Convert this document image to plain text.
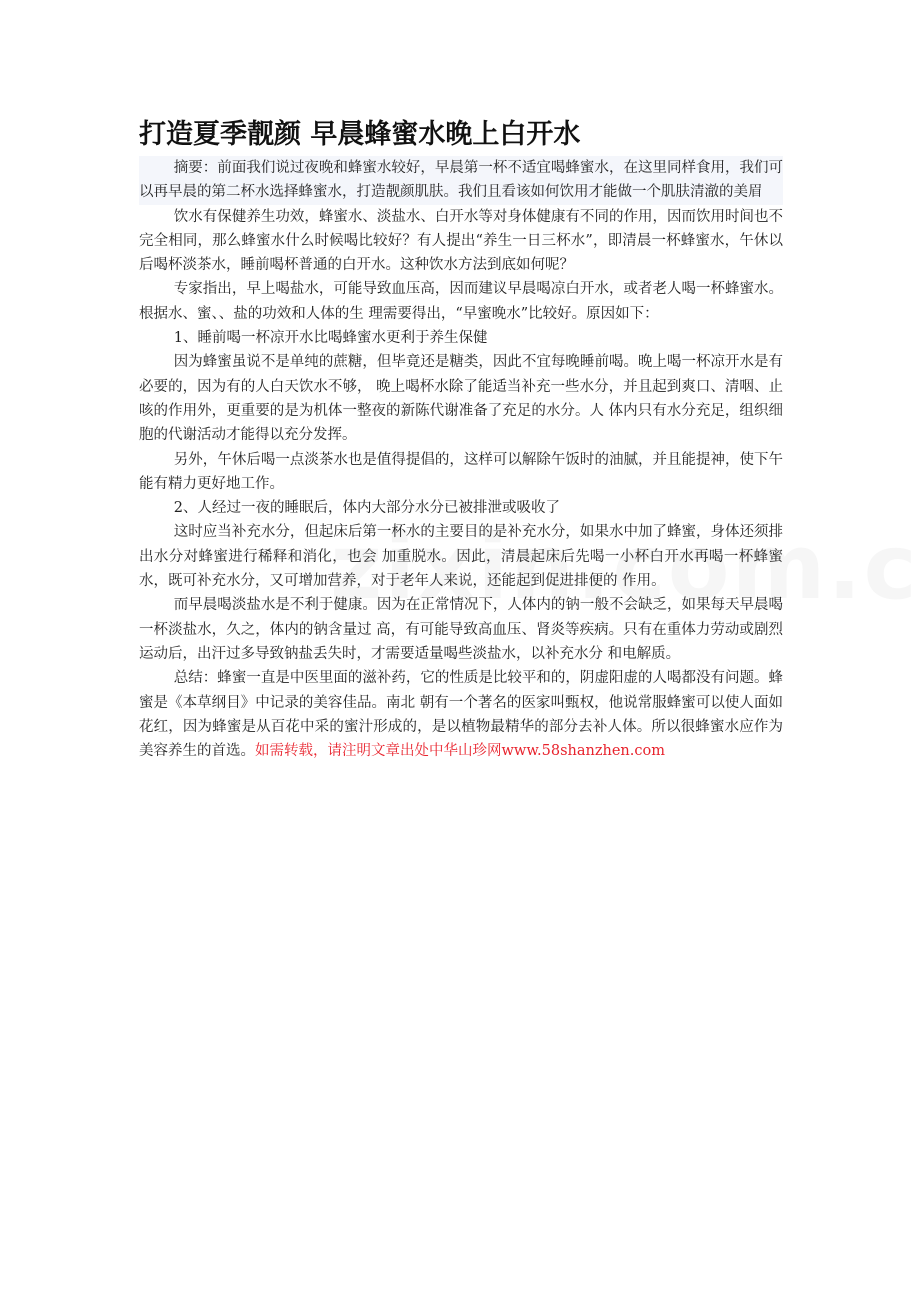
打造夏季靓颜 早晨蜂蜜水晚上白开水

摘要：前面我们说过夜晚和蜂蜜水较好，早晨第一杯不适宜喝蜂蜜水，在这里同样食用，我们可以再早晨的第二杯水选择蜂蜜水，打造靓颜肌肤。我们且看该如何饮用才能做一个肌肤清澈的美眉

饮水有保健养生功效，蜂蜜水、淡盐水、白开水等对身体健康有不同的作用，因而饮用时间也不完全相同，那么蜂蜜水什么时候喝比较好？有人提出“养生一日三杯水”，即清晨一杯蜂蜜水，午休以后喝杯淡茶水，睡前喝杯普通的白开水。这种饮水方法到底如何呢？

专家指出，早上喝盐水，可能导致血压高，因而建议早晨喝凉白开水，或者老人喝一杯蜂蜜水。根据水、蜜、、盐的功效和人体的生 理需要得出，“早蜜晚水”比较好。原因如下：

1、睡前喝一杯凉开水比喝蜂蜜水更利于养生保健

因为蜂蜜虽说不是单纯的蔗糖，但毕竟还是糖类，因此不宜每晚睡前喝。晚上喝一杯凉开水是有必要的，因为有的人白天饮水不够， 晚上喝杯水除了能适当补充一些水分，并且起到爽口、清咽、止咳的作用外，更重要的是为机体一整夜的新陈代谢准备了充足的水分。人 体内只有水分充足，组织细胞的代谢活动才能得以充分发挥。

另外，午休后喝一点淡茶水也是值得提倡的，这样可以解除午饭时的油腻，并且能提神，使下午能有精力更好地工作。

2、人经过一夜的睡眠后，体内大部分水分已被排泄或吸收了

这时应当补充水分，但起床后第一杯水的主要目的是补充水分，如果水中加了蜂蜜，身体还须排出水分对蜂蜜进行稀释和消化，也会 加重脱水。因此，清晨起床后先喝一小杯白开水再喝一杯蜂蜜水，既可补充水分，又可增加营养，对于老年人来说，还能起到促进排便的 作用。

而早晨喝淡盐水是不利于健康。因为在正常情况下，人体内的钠一般不会缺乏，如果每天早晨喝一杯淡盐水，久之，体内的钠含量过 高，有可能导致高血压、肾炎等疾病。只有在重体力劳动或剧烈运动后，出汗过多导致钠盐丢失时，才需要适量喝些淡盐水，以补充水分 和电解质。

总结：蜂蜜一直是中医里面的滋补药，它的性质是比较平和的，阴虚阳虚的人喝都没有问题。蜂蜜是《本草纲目》中记录的美容佳品。南北 朝有一个著名的医家叫甄权，他说常服蜂蜜可以使人面如花红，因为蜂蜜是从百花中采的蜜汁形成的，是以植物最精华的部分去补人体。所以很蜂蜜水应作为美容养生的首选。如需转载，请注明文章出处中华山珍网www.58shanzhen.com
